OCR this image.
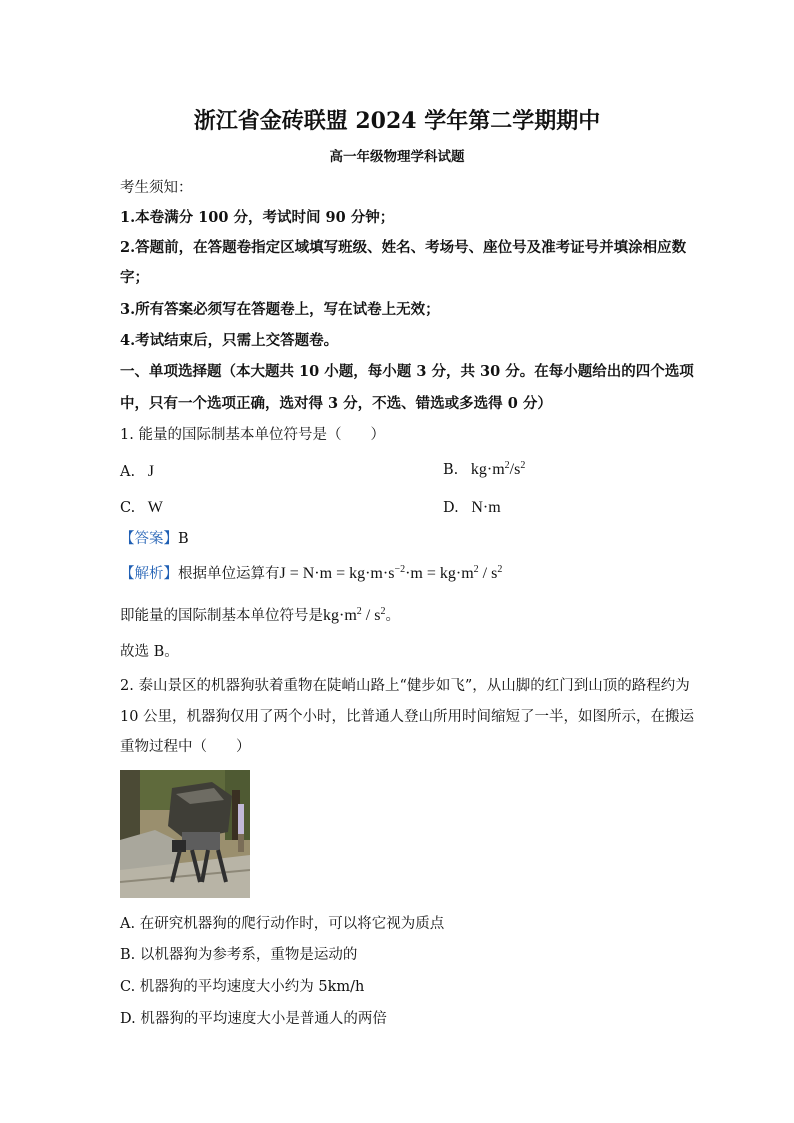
浙江省金砖联盟 2024 学年第二学期期中
高一年级物理学科试题
考生须知：
1.本卷满分 100 分，考试时间 90 分钟；
2.答题前，在答题卷指定区域填写班级、姓名、考场号、座位号及准考证号并填涂相应数
字；
3.所有答案必须写在答题卷上，写在试卷上无效；
4.考试结束后，只需上交答题卷。
一、单项选择题（本大题共 10 小题，每小题 3 分，共 30 分。在每小题给出的四个选项
中，只有一个选项正确，选对得 3 分，不选、错选或多选得 0 分）
1. 能量的国际制基本单位符号是（　　）
A. J	B. $kg\cdot m^2/s^2$
C. W	D. N·m
【答案】B
【解析】根据单位运算有$J = N\cdot m = kg\cdot m\cdot s^{-2}\cdot m = kg\cdot m^2 / s^2$
即能量的国际制基本单位符号是$kg\cdot m^2 / s^2$。
故选 B。
2. 泰山景区的机器狗驮着重物在陡峭山路上“健步如飞”，从山脚的红门到山顶的路程约为
10 公里，机器狗仅用了两个小时，比普通人登山所用时间缩短了一半，如图所示，在搬运
重物过程中（　　）
A. 在研究机器狗的爬行动作时，可以将它视为质点
B. 以机器狗为参考系，重物是运动的
C. 机器狗的平均速度大小约为 5km/h
D. 机器狗的平均速度大小是普通人的两倍
